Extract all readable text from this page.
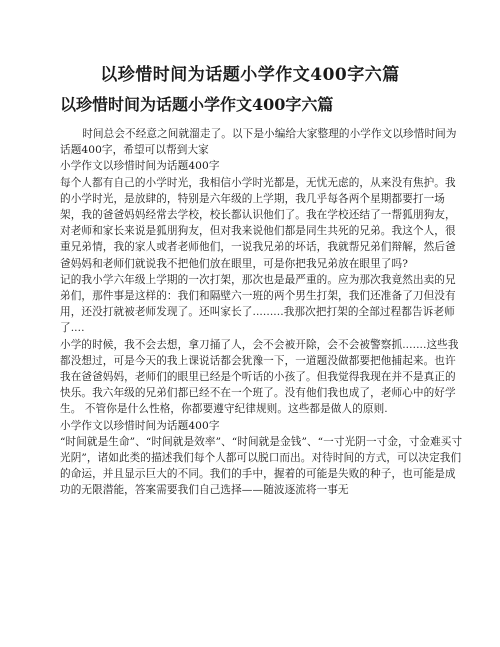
以珍惜时间为话题小学作文400字六篇
以珍惜时间为话题小学作文400字六篇

时间总会不经意之间就溜走了。以下是小编给大家整理的小学作文以珍惜时间为话题400字，希望可以帮到大家

小学作文以珍惜时间为话题400字

每个人都有自己的小学时光，我相信小学时光都是，无忧无虑的，从来没有焦护。我的小学时光，是放肆的，特别是六年级的上学期，我几乎每各两个星期都要打一场架，我的爸爸妈妈经常去学校，校长都认识他们了。我在学校还结了一帮狐朋狗友，对老师和家长来说是狐朋狗友，但对我来说他们都是同生共死的兄弟。我这个人，很重兄弟情，我的家人或者老师他们，一说我兄弟的坏话，我就帮兄弟们辩解，然后爸爸妈妈和老师们就说我不把他们放在眼里，可是你把我兄弟放在眼里了吗?

记的我小学六年级上学期的一次打架，那次也是最严重的。应为那次我竟然出卖的兄弟们，那件事是这样的：我们和隔壁六一班的两个男生打架，我们还准备了刀但没有用，还没打就被老师发现了。还叫家长了.........我那次把打架的全部过程都告诉老师了....

小学的时候，我不会去想，拿刀捅了人，会不会被开除，会不会被警察抓.......这些我都没想过，可是今天的我上课说话都会犹豫一下，一道题没做都要把他捕起来。也许我在爸爸妈妈，老师们的眼里已经是个听话的小孩了。但我觉得我现在并不是真正的快乐。我六年级的兄弟们都已经不在一个班了。没有他们我也成了，老师心中的好学生。 不管你是什么性格，你都要遵守纪律规则。这些都是做人的原则.

小学作文以珍惜时间为话题400字

“时间就是生命”、“时间就是效率”、“时间就是金钱”、“一寸光阴一寸金，寸金难买寸光阴”，诸如此类的描述我们每个人都可以脱口而出。对待时间的方式，可以决定我们的命运，并且显示巨大的不同。我们的手中，握着的可能是失败的种子，也可能是成功的无限潜能，答案需要我们自己选择——随波逐流将一事无
